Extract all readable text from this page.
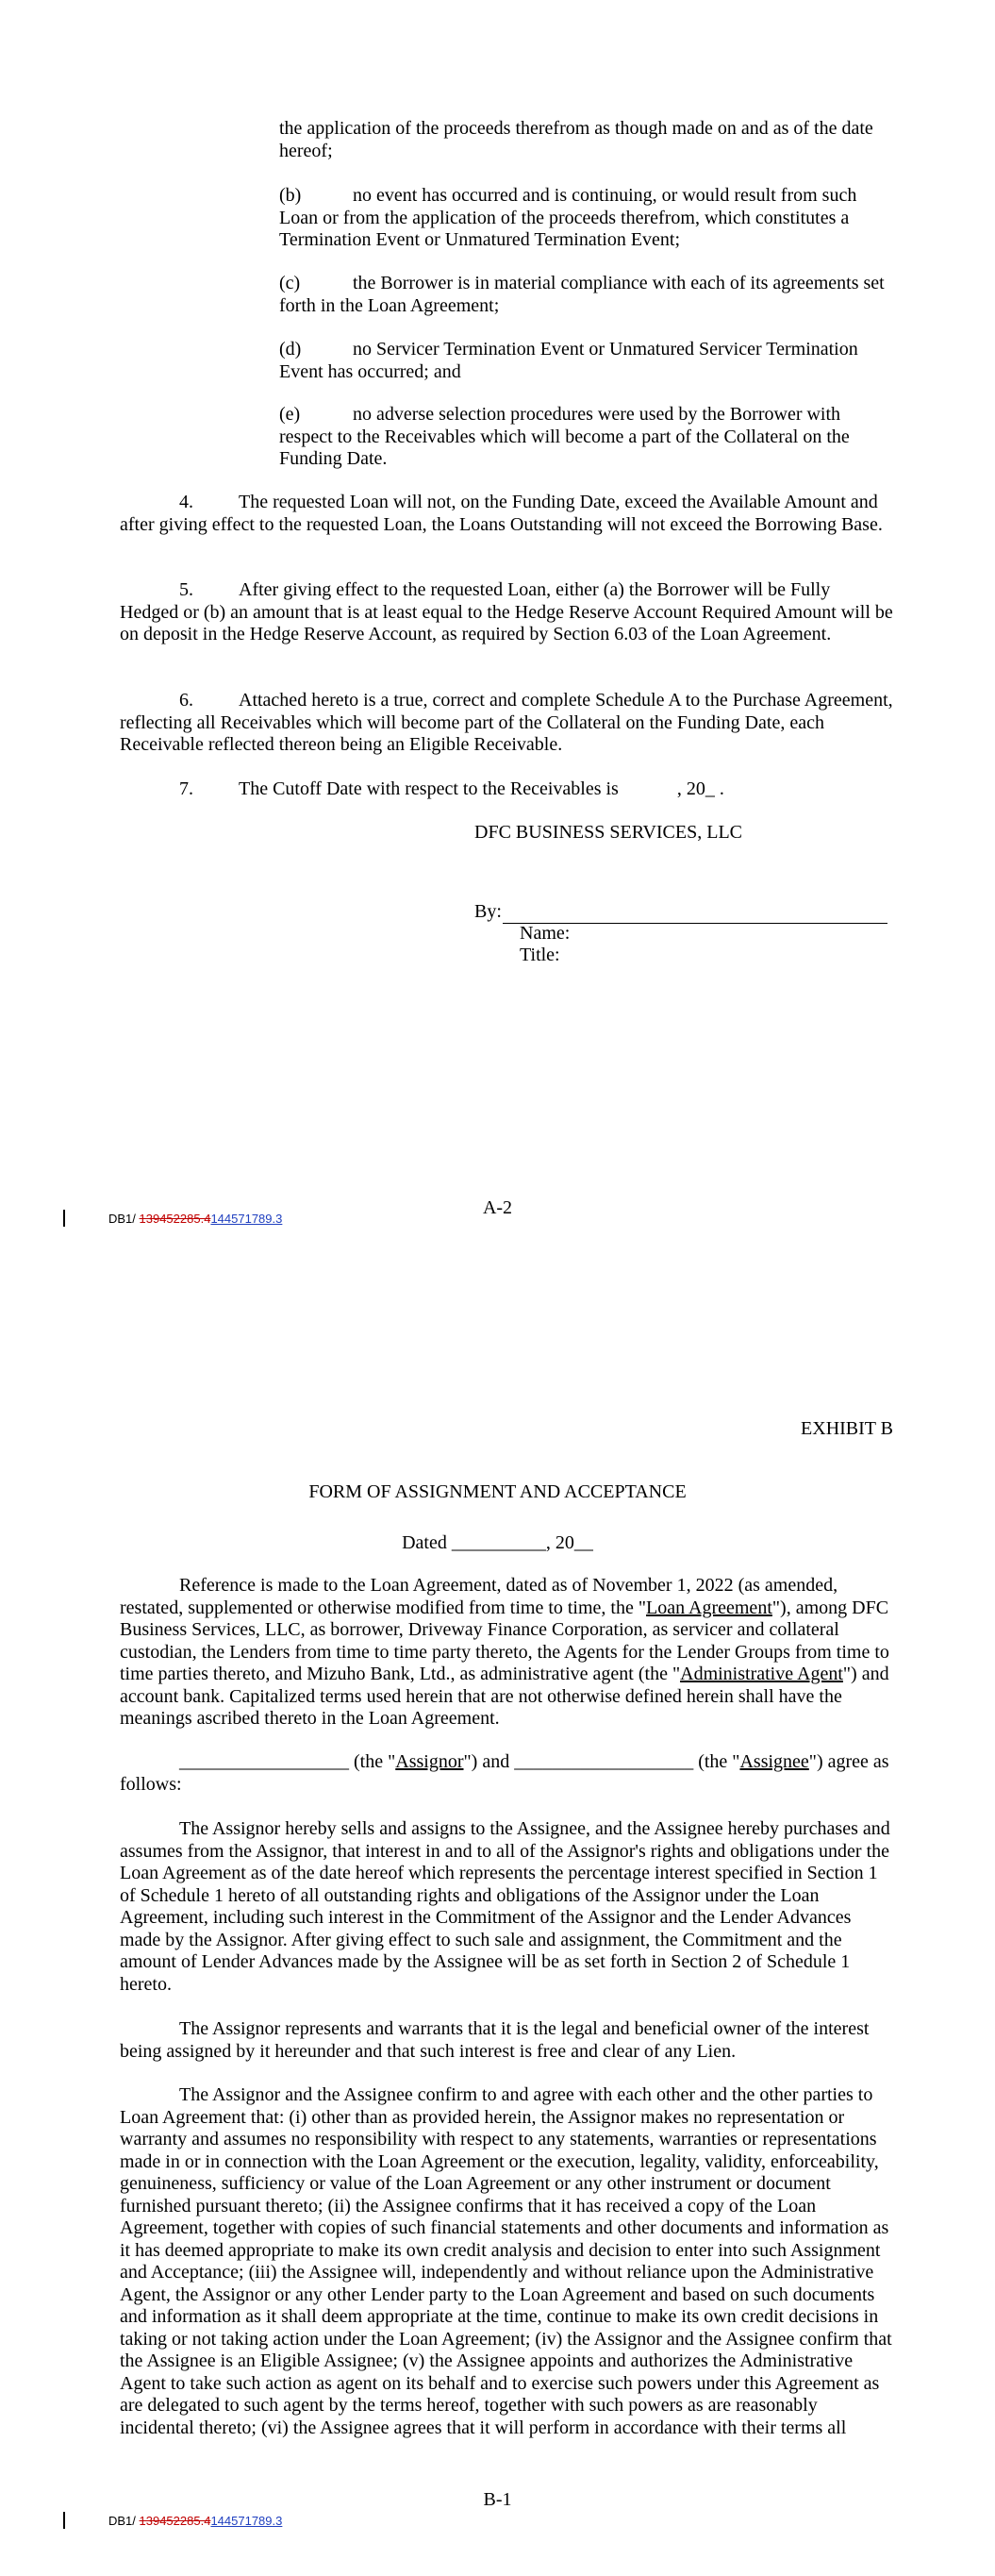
the application of the proceeds therefrom as though made on and as of the date hereof;

(b)	no event has occurred and is continuing, or would result from such Loan or from the application of the proceeds therefrom, which constitutes a Termination Event or Unmatured Termination Event;

(c)	the Borrower is in material compliance with each of its agreements set forth in the Loan Agreement;

(d)	no Servicer Termination Event or Unmatured Servicer Termination Event has occurred; and

(e)	no adverse selection procedures were used by the Borrower with respect to the Receivables which will become a part of the Collateral on the Funding Date.

4. The requested Loan will not, on the Funding Date, exceed the Available Amount and after giving effect to the requested Loan, the Loans Outstanding will not exceed the Borrowing Base.

5. After giving effect to the requested Loan, either (a) the Borrower will be Fully Hedged or (b) an amount that is at least equal to the Hedge Reserve Account Required Amount will be on deposit in the Hedge Reserve Account, as required by Section 6.03 of the Loan Agreement.

6. Attached hereto is a true, correct and complete Schedule A to the Purchase Agreement, reflecting all Receivables which will become part of the Collateral on the Funding Date, each Receivable reflected thereon being an Eligible Receivable.

7. The Cutoff Date with respect to the Receivables is	, 20_ .

DFC BUSINESS SERVICES, LLC

By:

Name:

Title:

A-2
DB1/ 139452285.4144571789.3

EXHIBIT B

FORM OF ASSIGNMENT AND ACCEPTANCE

Dated __________, 20__

Reference is made to the Loan Agreement, dated as of November 1, 2022 (as amended, restated, supplemented or otherwise modified from time to time, the "Loan Agreement"), among DFC Business Services, LLC, as borrower, Driveway Finance Corporation, as servicer and collateral custodian, the Lenders from time to time party thereto, the Agents for the Lender Groups from time to time parties thereto, and Mizuho Bank, Ltd., as administrative agent (the "Administrative Agent") and account bank. Capitalized terms used herein that are not otherwise defined herein shall have the meanings ascribed thereto in the Loan Agreement.

__________________ (the "Assignor") and ___________________ (the "Assignee") agree as follows:

The Assignor hereby sells and assigns to the Assignee, and the Assignee hereby purchases and assumes from the Assignor, that interest in and to all of the Assignor's rights and obligations under the Loan Agreement as of the date hereof which represents the percentage interest specified in Section 1 of Schedule 1 hereto of all outstanding rights and obligations of the Assignor under the Loan Agreement, including such interest in the Commitment of the Assignor and the Lender Advances made by the Assignor. After giving effect to such sale and assignment, the Commitment and the amount of Lender Advances made by the Assignee will be as set forth in Section 2 of Schedule 1 hereto.

The Assignor represents and warrants that it is the legal and beneficial owner of the interest being assigned by it hereunder and that such interest is free and clear of any Lien.

The Assignor and the Assignee confirm to and agree with each other and the other parties to Loan Agreement that: (i) other than as provided herein, the Assignor makes no representation or warranty and assumes no responsibility with respect to any statements, warranties or representations made in or in connection with the Loan Agreement or the execution, legality, validity, enforceability, genuineness, sufficiency or value of the Loan Agreement or any other instrument or document furnished pursuant thereto; (ii) the Assignee confirms that it has received a copy of the Loan Agreement, together with copies of such financial statements and other documents and information as it has deemed appropriate to make its own credit analysis and decision to enter into such Assignment and Acceptance; (iii) the Assignee will, independently and without reliance upon the Administrative Agent, the Assignor or any other Lender party to the Loan Agreement and based on such documents and information as it shall deem appropriate at the time, continue to make its own credit decisions in taking or not taking action under the Loan Agreement; (iv) the Assignor and the Assignee confirm that the Assignee is an Eligible Assignee; (v) the Assignee appoints and authorizes the Administrative Agent to take such action as agent on its behalf and to exercise such powers under this Agreement as are delegated to such agent by the terms hereof, together with such powers as are reasonably incidental thereto; (vi) the Assignee agrees that it will perform in accordance with their terms all

B-1
DB1/ 139452285.4144571789.3
